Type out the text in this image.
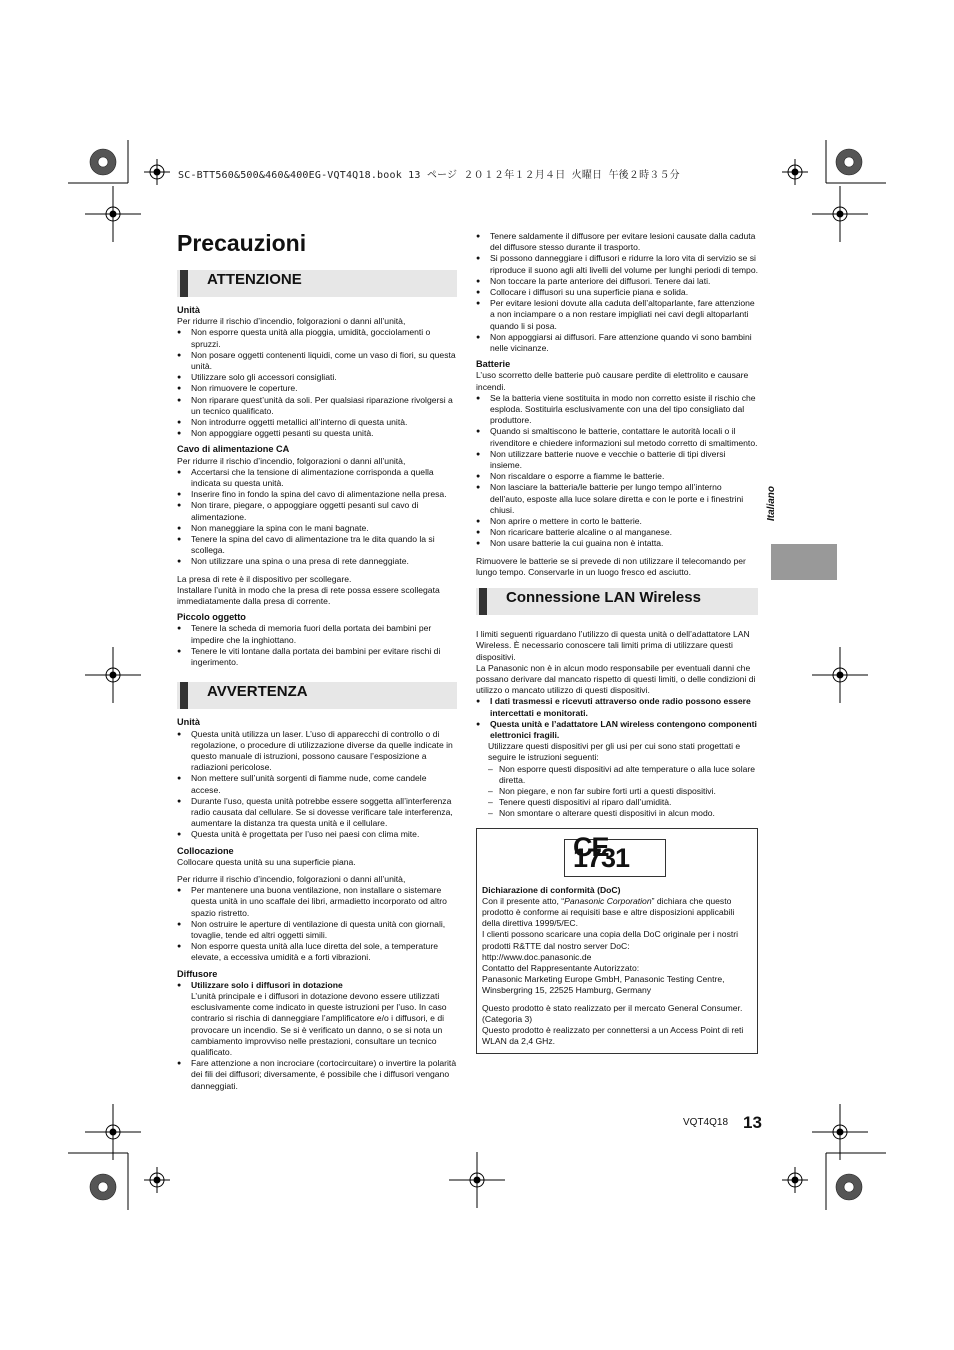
SC-BTT560&500&460&400EG-VQT4Q18.book 13 ページ ２０１２年１２月４日 火曜日 午後２時３５分
Precauzioni
ATTENZIONE

Unità

Per ridurre il rischio d’incendio, folgorazioni o danni all’unità,

● Non esporre questa unità alla pioggia, umidità, gocciolamenti o spruzzi.
● Non posare oggetti contenenti liquidi, come un vaso di fiori, su questa unità.
● Utilizzare solo gli accessori consigliati.
● Non rimuovere le coperture.
● Non riparare quest’unità da soli. Per qualsiasi riparazione rivolgersi a un tecnico qualificato.
● Non introdurre oggetti metallici all’interno di questa unità.
● Non appoggiare oggetti pesanti su questa unità.

Cavo di alimentazione CA

Per ridurre il rischio d’incendio, folgorazioni o danni all’unità,

● Accertarsi che la tensione di alimentazione corrisponda a quella indicata su questa unità.
● Inserire fino in fondo la spina del cavo di alimentazione nella presa.
● Non tirare, piegare, o appoggiare oggetti pesanti sul cavo di alimentazione.
● Non maneggiare la spina con le mani bagnate.
● Tenere la spina del cavo di alimentazione tra le dita quando la si scollega.
● Non utilizzare una spina o una presa di rete danneggiate.

La presa di rete è il dispositivo per scollegare.

Installare l’unità in modo che la presa di rete possa essere scollegata immediatamente dalla presa di corrente.

Piccolo oggetto

● Tenere la scheda di memoria fuori della portata dei bambini per impedire che la inghiottano.
● Tenere le viti lontane dalla portata dei bambini per evitare rischi di ingerimento.
AVVERTENZA

Unità

● Questa unità utilizza un laser. L’uso di apparecchi di controllo o di regolazione, o procedure di utilizzazione diverse da quelle indicate in questo manuale di istruzioni, possono causare l’esposizione a radiazioni pericolose.
● Non mettere sull’unità sorgenti di fiamme nude, come candele accese.
● Durante l’uso, questa unità potrebbe essere soggetta all’interferenza radio causata dal cellulare. Se si dovesse verificare tale interferenza, aumentare la distanza tra questa unità e il cellulare.
● Questa unità è progettata per l’uso nei paesi con clima mite.

Collocazione

Collocare questa unità su una superficie piana.

Per ridurre il rischio d’incendio, folgorazioni o danni all’unità,

● Per mantenere una buona ventilazione, non installare o sistemare questa unità in uno scaffale dei libri, armadietto incorporato od altro spazio ristretto.
● Non ostruire le aperture di ventilazione di questa unità con giornali, tovaglie, tende ed altri oggetti simili.
● Non esporre questa unità alla luce diretta del sole, a temperature elevate, a eccessiva umidità e a forti vibrazioni.

Diffusore

● Utilizzare solo i diffusori in dotazione
L’unità principale e i diffusori in dotazione devono essere utilizzati esclusivamente come indicato in queste istruzioni per l’uso. In caso contrario si rischia di danneggiare l’amplificatore e/o i diffusori, e di provocare un incendio. Se si è verificato un danno, o se si nota un cambiamento improvviso nelle prestazioni, consultare un tecnico qualificato.
● Fare attenzione a non incrociare (cortocircuitare) o invertire la polarità dei fili dei diffusori; diversamente, é possibile che i diffusori vengano danneggiati.
● Tenere saldamente il diffusore per evitare lesioni causate dalla caduta del diffusore stesso durante il trasporto.
● Si possono danneggiare i diffusori e ridurre la loro vita di servizio se si riproduce il suono agli alti livelli del volume per lunghi periodi di tempo.
● Non toccare la parte anteriore dei diffusori. Tenere dai lati.
● Collocare i diffusori su una superficie piana e solida.
● Per evitare lesioni dovute alla caduta dell’altoparlante, fare attenzione a non inciampare o a non restare impigliati nei cavi degli altoparlanti quando li si posa.
● Non appoggiarsi ai diffusori. Fare attenzione quando vi sono bambini nelle vicinanze.

Batterie

L’uso scorretto delle batterie può causare perdite di elettrolito e causare incendi.

● Se la batteria viene sostituita in modo non corretto esiste il rischio che esploda. Sostituirla esclusivamente con una del tipo consigliato dal produttore.
● Quando si smaltiscono le batterie, contattare le autorità locali o il rivenditore e chiedere informazioni sul metodo corretto di smaltimento.
● Non utilizzare batterie nuove e vecchie o batterie di tipi diversi insieme.
● Non riscaldare o esporre a fiamme le batterie.
● Non lasciare la batteria/le batterie per lungo tempo all’interno dell’auto, esposte alla luce solare diretta e con le porte e i finestrini chiusi.
● Non aprire o mettere in corto le batterie.
● Non ricaricare batterie alcaline o al manganese.
● Non usare batterie la cui guaina non è intatta.

Rimuovere le batterie se si prevede di non utilizzare il telecomando per lungo tempo. Conservarle in un luogo fresco ed asciutto.

Connessione LAN Wireless

I limiti seguenti riguardano l’utilizzo di questa unità o dell’adattatore LAN Wireless. È necessario conoscere tali limiti prima di utilizzare questi dispositivi.

La Panasonic non è in alcun modo responsabile per eventuali danni che possano derivare dal mancato rispetto di questi limiti, o delle condizioni di utilizzo o mancato utilizzo di questi dispositivi.

● I dati trasmessi e ricevuti attraverso onde radio possono essere intercettati e monitorati.
● Questa unità e l’adattatore LAN wireless contengono componenti elettronici fragili.

Utilizzare questi dispositivi per gli usi per cui sono stati progettati e seguire le istruzioni seguenti:

– Non esporre questi dispositivi ad alte temperature o alla luce solare diretta.
– Non piegare, e non far subire forti urti a questi dispositivi.
– Tenere questi dispositivi al riparo dall’umidità.
– Non smontare o alterare questi dispositivi in alcun modo.
CE 1731

Dichiarazione di conformità (DoC)

Con il presente atto, “Panasonic Corporation” dichiara che questo prodotto è conforme ai requisiti base e altre disposizioni applicabili della direttiva 1999/5/EC.

I clienti possono scaricare una copia della DoC originale per i nostri prodotti R&TTE dal nostro server DoC:

http://www.doc.panasonic.de

Contatto del Rappresentante Autorizzato:

Panasonic Marketing Europe GmbH, Panasonic Testing Centre, Winsbergring 15, 22525 Hamburg, Germany

Questo prodotto è stato realizzato per il mercato General Consumer. (Categoria 3)

Questo prodotto è realizzato per connettersi a un Access Point di reti WLAN da 2,4 GHz.

Italiano
VQT4Q18 13
